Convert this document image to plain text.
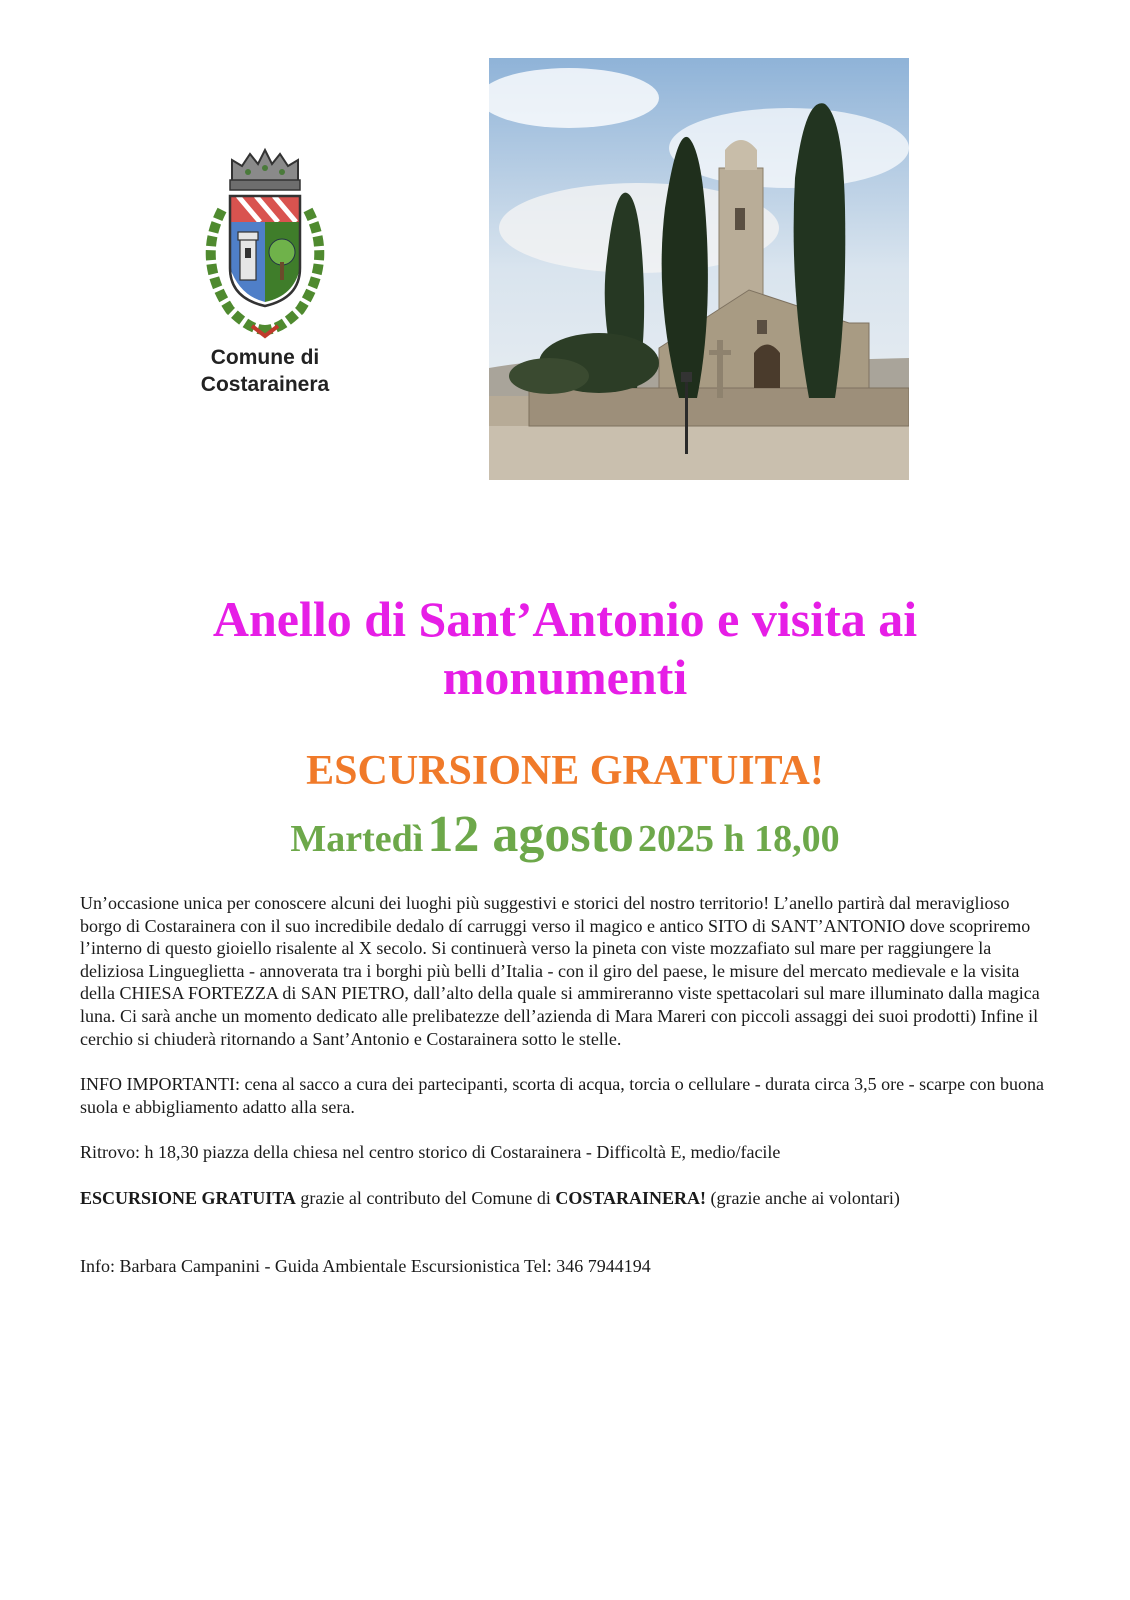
Comune di
Costarainera
Anello di Sant’Antonio e visita ai
monumenti
ESCURSIONE GRATUITA!
Martedì 12 agosto 2025 h 18,00

Un’occasione unica per conoscere alcuni dei luoghi più suggestivi e storici del nostro territorio! L’anello partirà dal meraviglioso borgo di Costarainera con il suo incredibile dedalo dí carruggi verso il magico e antico SITO di SANT’ANTONIO dove scopriremo l’interno di questo gioiello risalente al X secolo. Si continuerà verso la pineta con viste mozzafiato sul mare per raggiungere la deliziosa Lingueglietta - annoverata tra i borghi più belli d’Italia - con il giro del paese, le misure del mercato medievale e la visita della CHIESA FORTEZZA di SAN PIETRO, dall’alto della quale si ammireranno viste spettacolari sul mare illuminato dalla magica luna. Ci sarà anche un momento dedicato alle prelibatezze dell’azienda di Mara Mareri con piccoli assaggi dei suoi prodotti) Infine il cerchio si chiuderà ritornando a Sant’Antonio e Costarainera sotto le stelle.

INFO IMPORTANTI: cena al sacco a cura dei partecipanti, scorta di acqua, torcia o cellulare - durata circa 3,5 ore - scarpe con buona suola e abbigliamento adatto alla sera.

Ritrovo: h 18,30 piazza della chiesa nel centro storico di Costarainera - Difficoltà E, medio/facile

ESCURSIONE GRATUITA grazie al contributo del Comune di COSTARAINERA! (grazie anche ai volontari)

Info: Barbara Campanini - Guida Ambientale Escursionistica Tel: 346 7944194
